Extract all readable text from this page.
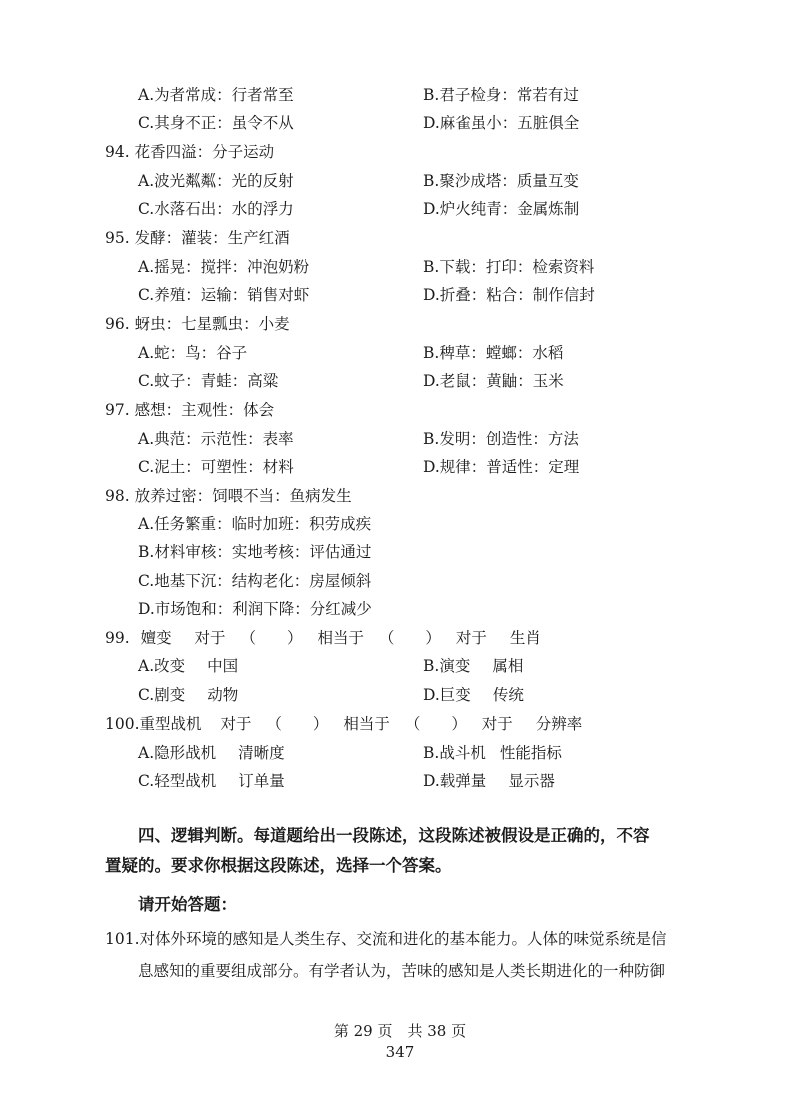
A.为者常成：行者常至	B.君子检身：常若有过
C.其身不正：虽令不从	D.麻雀虽小：五脏俱全
94. 花香四溢：分子运动
A.波光粼粼：光的反射	B.聚沙成塔：质量互变
C.水落石出：水的浮力	D.炉火纯青：金属炼制
95. 发酵：灌装：生产红酒
A.摇晃：搅拌：冲泡奶粉	B.下载：打印：检索资料
C.养殖：运输：销售对虾	D.折叠：粘合：制作信封
96. 蚜虫：七星瓢虫：小麦
A.蛇：鸟：谷子	B.稗草：螳螂：水稻
C.蚊子：青蛙：高粱	D.老鼠：黄鼬：玉米
97. 感想：主观性：体会
A.典范：示范性：表率	B.发明：创造性：方法
C.泥土：可塑性：材料	D.规律：普适性：定理
98. 放养过密：饲喂不当：鱼病发生
A.任务繁重：临时加班：积劳成疾
B.材料审核：实地考核：评估通过
C.地基下沉：结构老化：房屋倾斜
D.市场饱和：利润下降：分红减少
99. 嬗变 对于 （　　） 相当于 （　　） 对于 生肖
A.改变 中国	B.演变 属相
C.剧变 动物	D.巨变 传统
100.重型战机 对于 （　　） 相当于 （　　） 对于 分辨率
A.隐形战机 清晰度	B.战斗机 性能指标
C.轻型战机 订单量	D.载弹量 显示器
四、逻辑判断。每道题给出一段陈述，这段陈述被假设是正确的，不容
置疑的。要求你根据这段陈述，选择一个答案。
请开始答题：
101.对体外环境的感知是人类生存、交流和进化的基本能力。人体的味觉系统是信
息感知的重要组成部分。有学者认为，苦味的感知是人类长期进化的一种防御
第 29 页　共 38 页
347
